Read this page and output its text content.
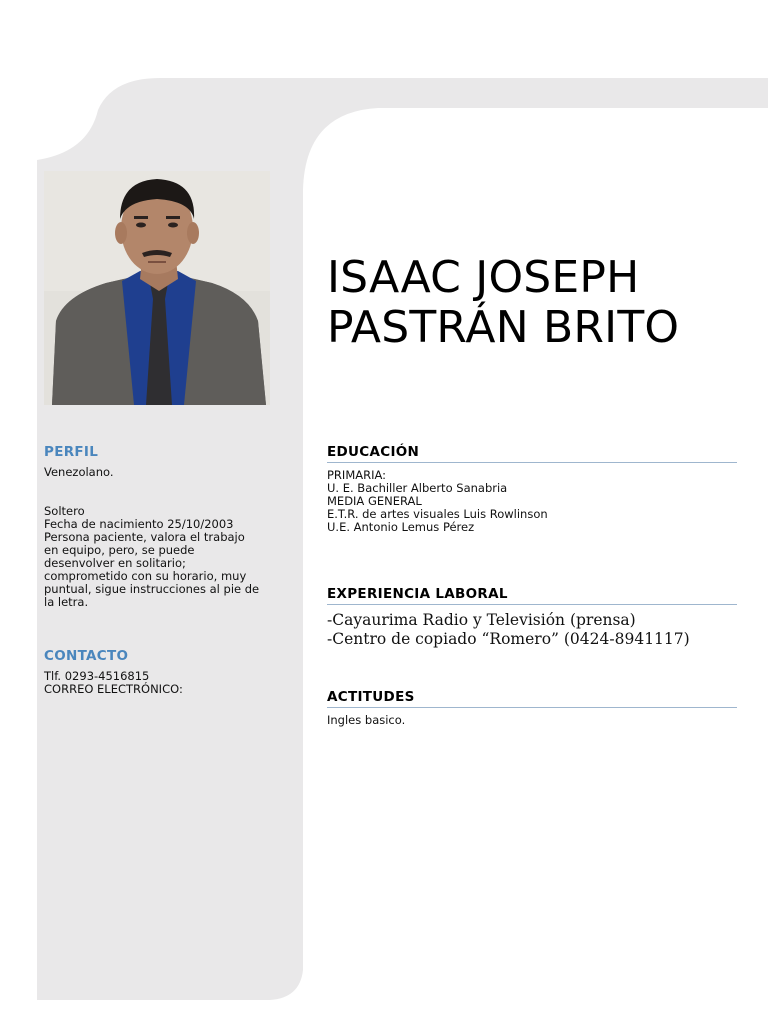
PERFIL
Venezolano.
Soltero
Fecha de nacimiento 25/10/2003
Persona paciente, valora el trabajo
en equipo, pero, se puede
desenvolver en solitario;
comprometido con su horario, muy
puntual, sigue instrucciones al pie de
la letra.
CONTACTO
Tlf. 0293-4516815
CORREO ELECTRÓNICO:
ISAAC JOSEPH
PASTRÁN BRITO
EDUCACIÓN
PRIMARIA:
U. E. Bachiller Alberto Sanabria
MEDIA GENERAL
E.T.R. de artes visuales Luis Rowlinson
U.E. Antonio Lemus Pérez
EXPERIENCIA LABORAL
-Cayaurima Radio y Televisión (prensa)
-Centro de copiado “Romero” (0424-8941117)
ACTITUDES
Ingles basico.
